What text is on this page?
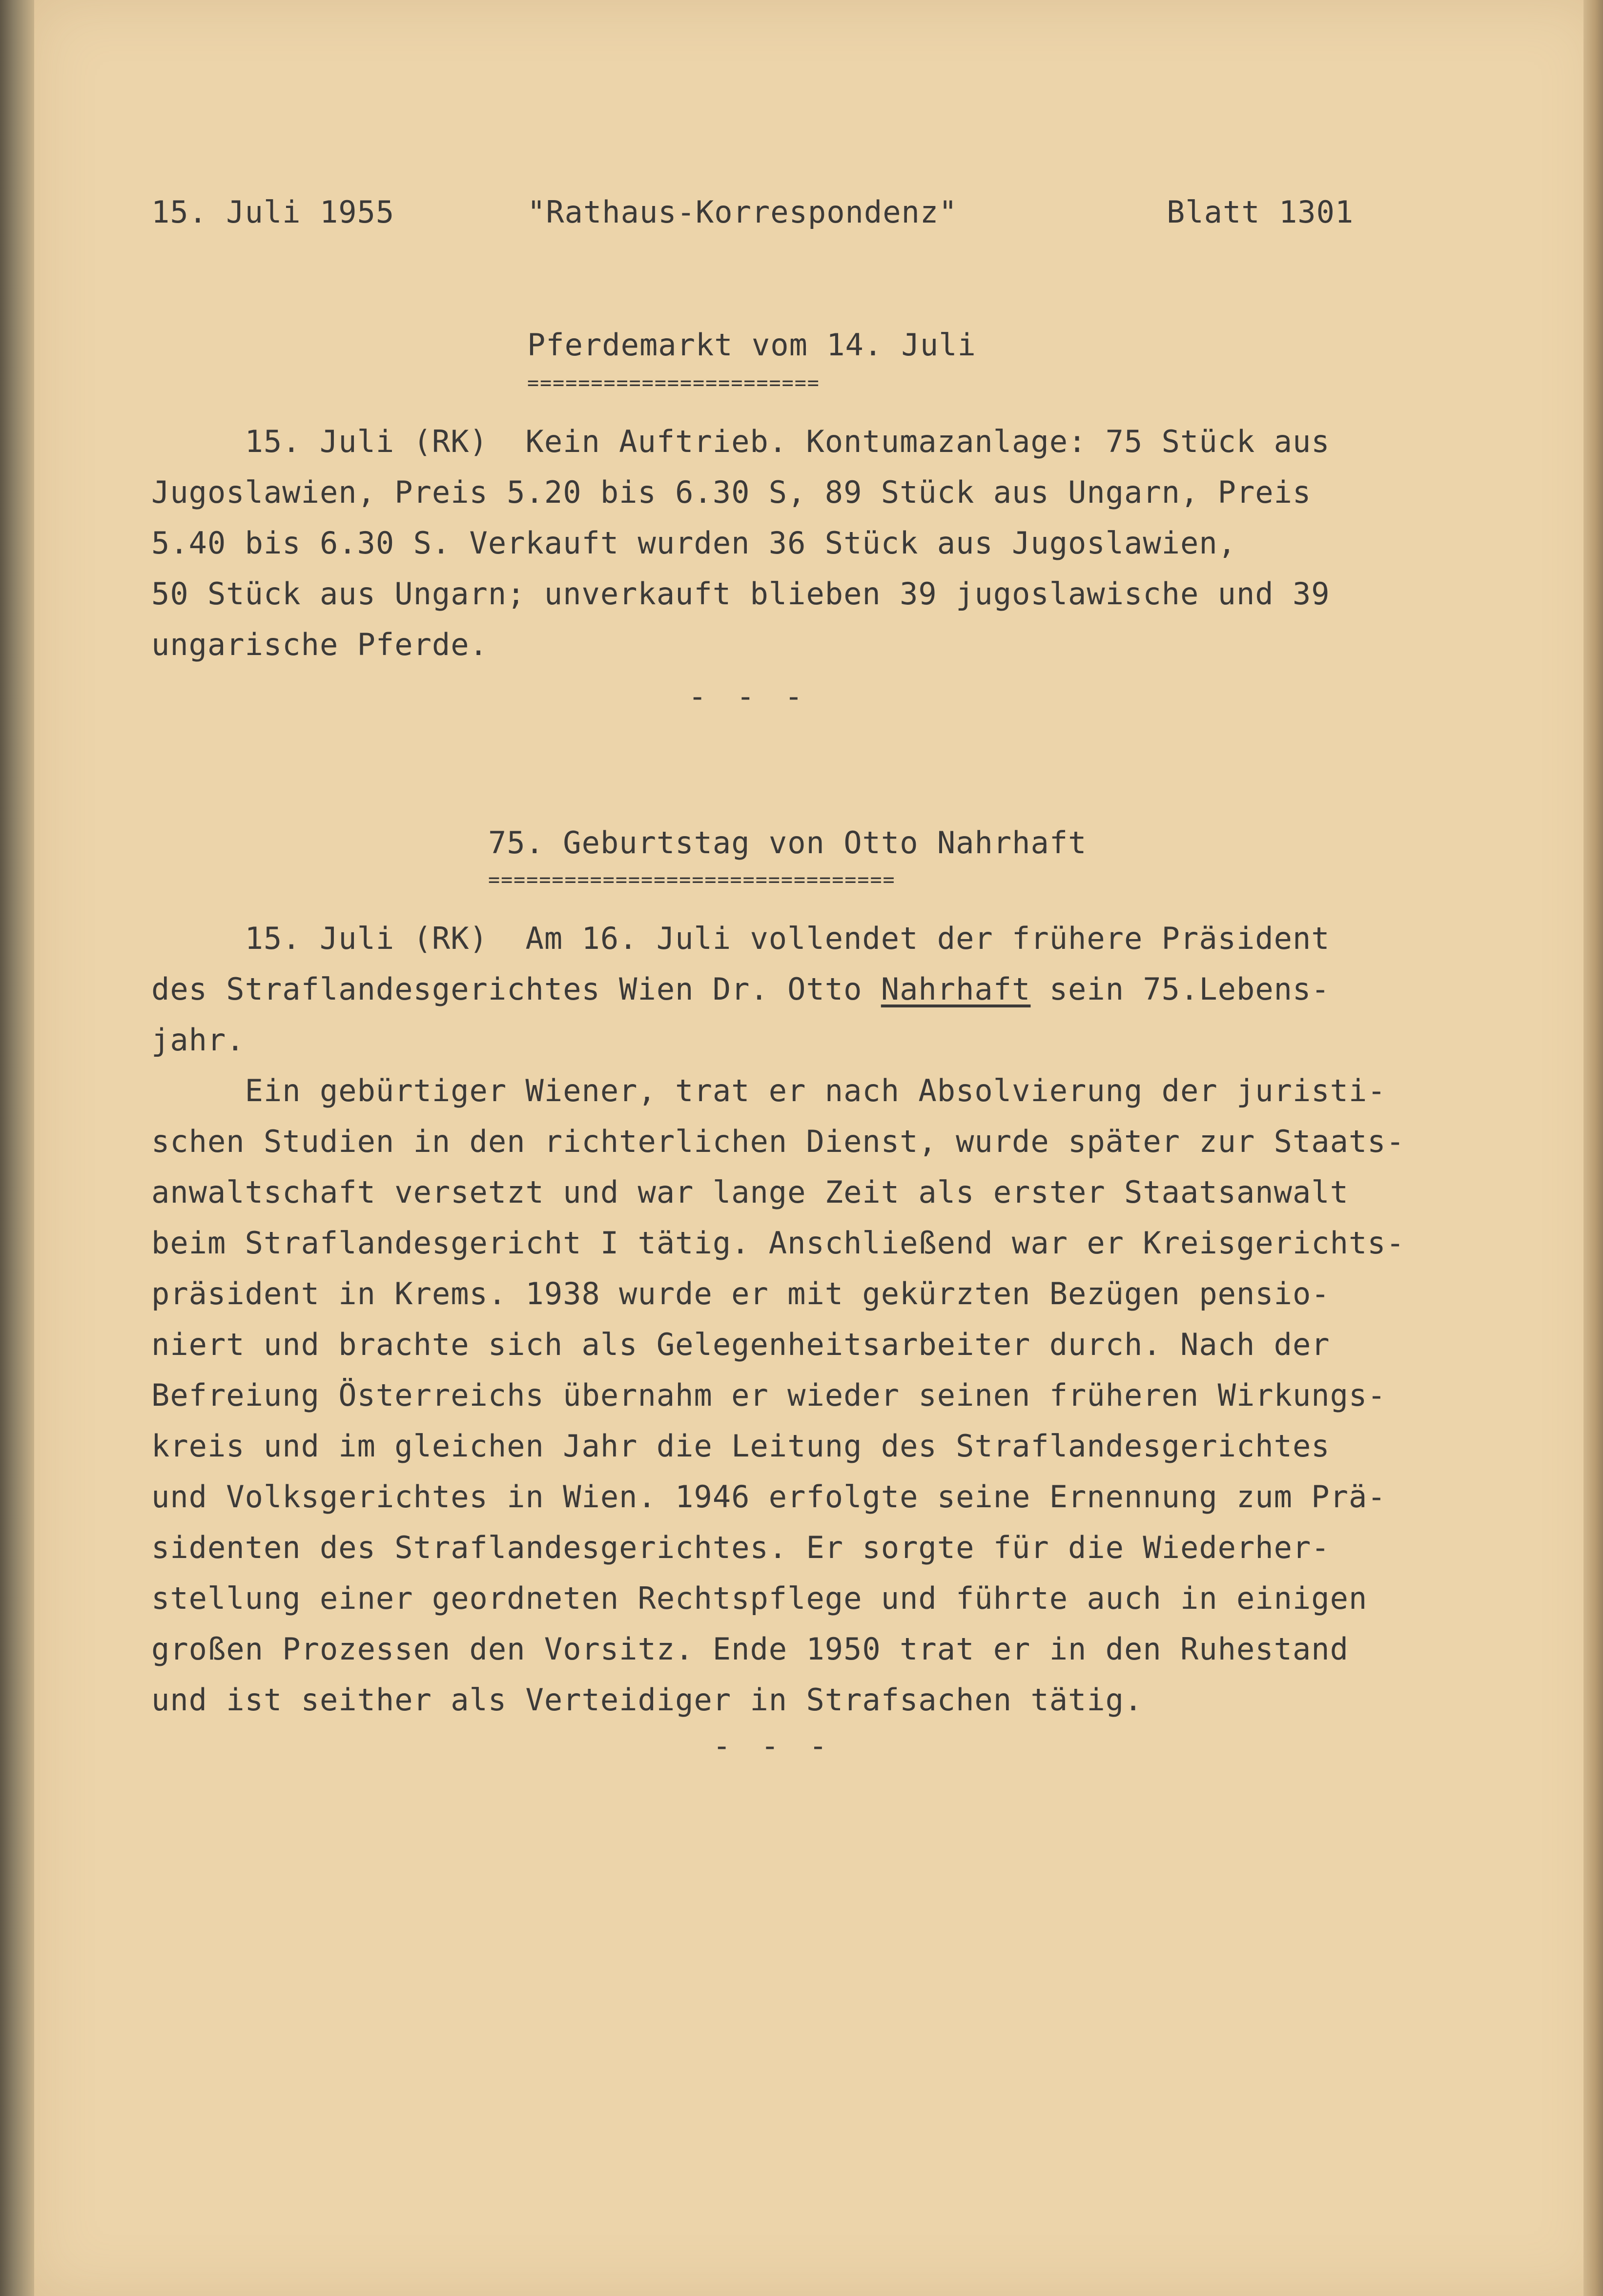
15. Juli 1955	"Rathaus-Korrespondenz"	Blatt 1301
Pferdemarkt vom 14. Juli
=======================
15. Juli (RK)  Kein Auftrieb. Kontumazanlage: 75 Stück aus
Jugoslawien, Preis 5.20 bis 6.30 S, 89 Stück aus Ungarn, Preis
5.40 bis 6.30 S. Verkauft wurden 36 Stück aus Jugoslawien,
50 Stück aus Ungarn; unverkauft blieben 39 jugoslawische und 39
ungarische Pferde.
- - -
75. Geburtstag von Otto Nahrhaft
================================
15. Juli (RK)  Am 16. Juli vollendet der frühere Präsident
des Straflandesgerichtes Wien Dr. Otto Nahrhaft sein 75.Lebens-
jahr.
Ein gebürtiger Wiener, trat er nach Absolvierung der juristi-
schen Studien in den richterlichen Dienst, wurde später zur Staats-
anwaltschaft versetzt und war lange Zeit als erster Staatsanwalt
beim Straflandesgericht I tätig. Anschließend war er Kreisgerichts-
präsident in Krems. 1938 wurde er mit gekürzten Bezügen pensio-
niert und brachte sich als Gelegenheitsarbeiter durch. Nach der
Befreiung Österreichs übernahm er wieder seinen früheren Wirkungs-
kreis und im gleichen Jahr die Leitung des Straflandesgerichtes
und Volksgerichtes in Wien. 1946 erfolgte seine Ernennung zum Prä-
sidenten des Straflandesgerichtes. Er sorgte für die Wiederher-
stellung einer geordneten Rechtspflege und führte auch in einigen
großen Prozessen den Vorsitz. Ende 1950 trat er in den Ruhestand
und ist seither als Verteidiger in Strafsachen tätig.
- - -
